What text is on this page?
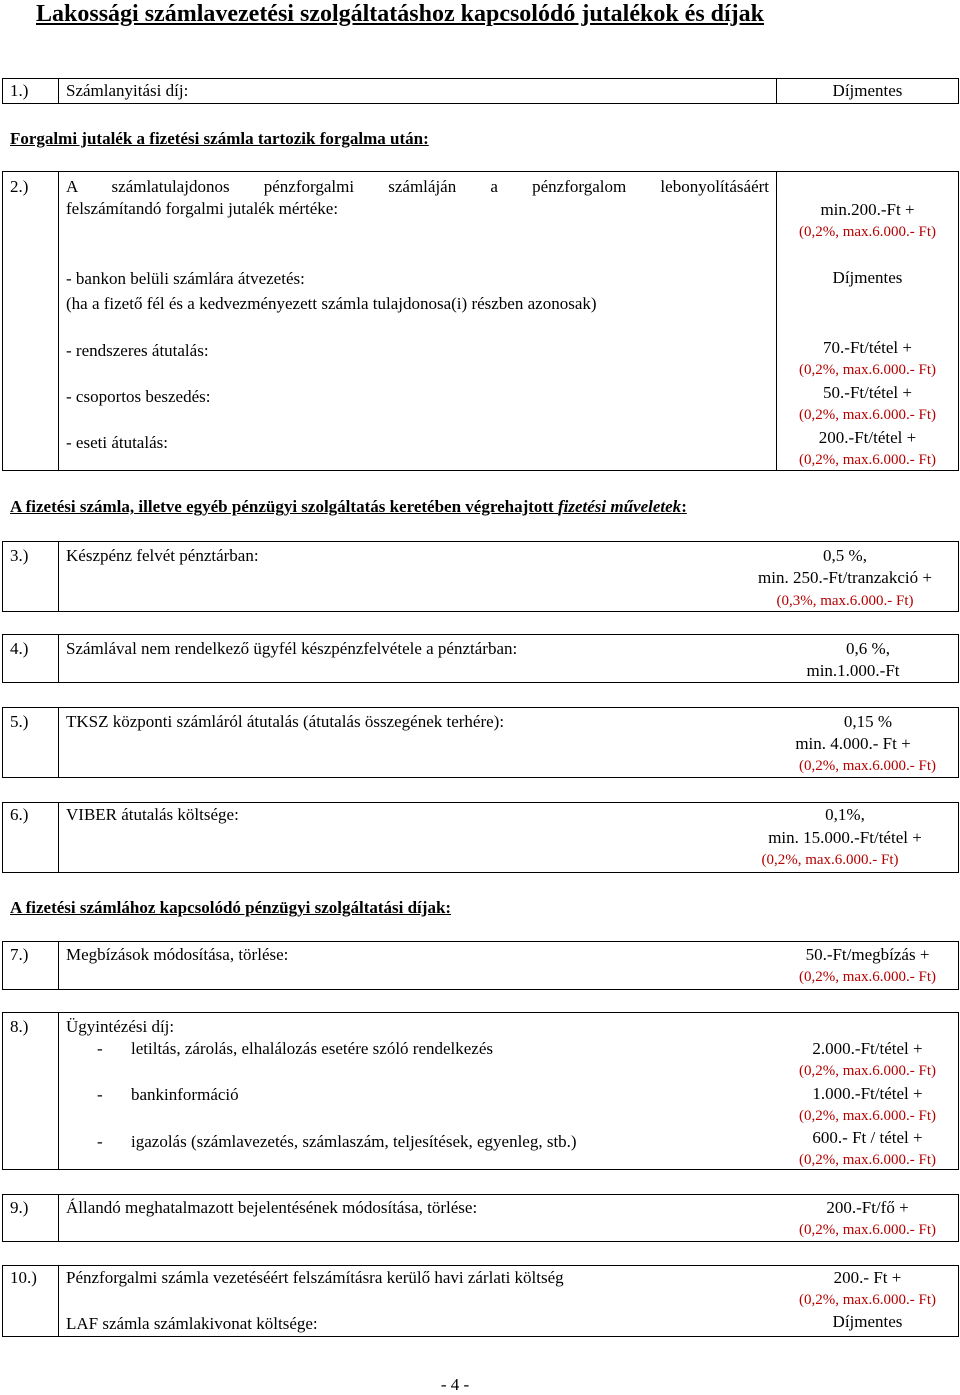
Lakossági számlavezetési szolgáltatáshoz kapcsolódó jutalékok és díjak
1.) Számlanyitási díj:	Díjmentes
Forgalmi jutalék a fizetési számla tartozik forgalma után:
2.) A számlatulajdonos pénzforgalmi számláján a pénzforgalom lebonyolításáért
felszámítandó forgalmi jutalék mértéke:	min.200.-Ft +
(0,2%, max.6.000.- Ft)
- bankon belüli számlára átvezetés:
(ha a fizető fél és a kedvezményezett számla tulajdonosa(i) részben azonosak)
Díjmentes
- rendszeres átutalás:	70.-Ft/tétel +
(0,2%, max.6.000.- Ft)
- csoportos beszedés:	50.-Ft/tétel +
(0,2%, max.6.000.- Ft)
- eseti átutalás:	200.-Ft/tétel +
(0,2%, max.6.000.- Ft)
A fizetési számla, illetve egyéb pénzügyi szolgáltatás keretében végrehajtott fizetési műveletek:
3.) Készpénz felvét pénztárban:	0,5 %,
min. 250.-Ft/tranzakció +
(0,3%, max.6.000.- Ft)
4.) Számlával nem rendelkező ügyfél készpénzfelvétele a pénztárban:	0,6 %,
min.1.000.-Ft
5.) TKSZ központi számláról átutalás (átutalás összegének terhére):	0,15 %
min. 4.000.- Ft +
(0,2%, max.6.000.- Ft)
6.) VIBER átutalás költsége:	0,1%,
min. 15.000.-Ft/tétel +
(0,2%, max.6.000.- Ft)
A fizetési számlához kapcsolódó pénzügyi szolgáltatási díjak:
7.) Megbízások módosítása, törlése:	50.-Ft/megbízás +
(0,2%, max.6.000.- Ft)
8.) Ügyintézési díj:
- letiltás, zárolás, elhalálozás esetére szóló rendelkezés	2.000.-Ft/tétel +
(0,2%, max.6.000.- Ft)
- bankinformáció	1.000.-Ft/tétel +
(0,2%, max.6.000.- Ft)
- igazolás (számlavezetés, számlaszám, teljesítések, egyenleg, stb.)	600.- Ft / tétel +
(0,2%, max.6.000.- Ft)
9.) Állandó meghatalmazott bejelentésének módosítása, törlése:	200.-Ft/fő +
(0,2%, max.6.000.- Ft)
10.) Pénzforgalmi számla vezetéséért felszámításra kerülő havi zárlati költség	200.- Ft +
(0,2%, max.6.000.- Ft)
LAF számla számlakivonat költsége:	Díjmentes
- 4 -
